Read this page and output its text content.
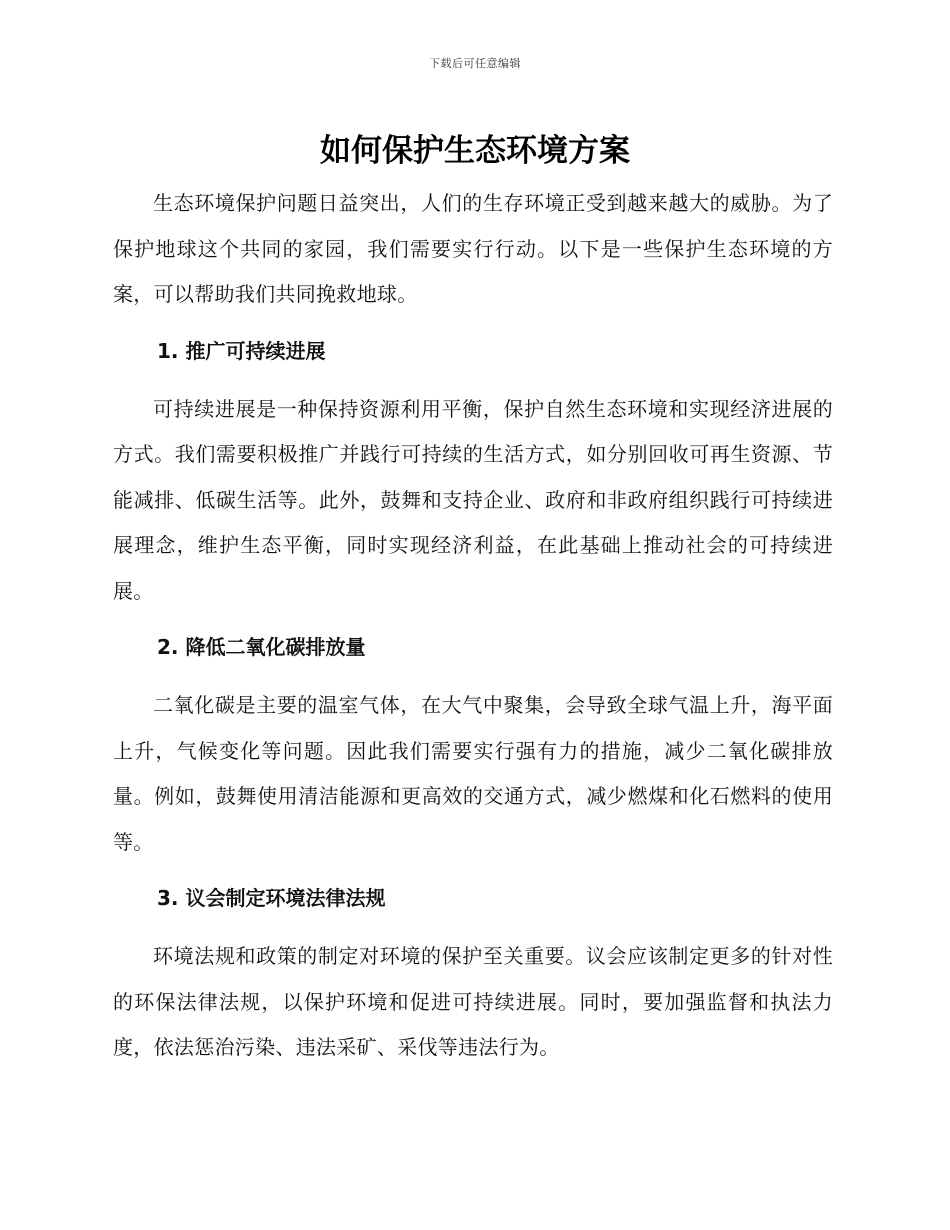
下载后可任意编辑
如何保护生态环境方案

生态环境保护问题日益突出，人们的生存环境正受到越来越大的威胁。为了保护地球这个共同的家园，我们需要实行行动。以下是一些保护生态环境的方案，可以帮助我们共同挽救地球。

1. 推广可持续进展

可持续进展是一种保持资源利用平衡，保护自然生态环境和实现经济进展的方式。我们需要积极推广并践行可持续的生活方式，如分别回收可再生资源、节能减排、低碳生活等。此外，鼓舞和支持企业、政府和非政府组织践行可持续进展理念，维护生态平衡，同时实现经济利益，在此基础上推动社会的可持续进展。

2. 降低二氧化碳排放量

二氧化碳是主要的温室气体，在大气中聚集，会导致全球气温上升，海平面上升，气候变化等问题。因此我们需要实行强有力的措施，减少二氧化碳排放量。例如，鼓舞使用清洁能源和更高效的交通方式，减少燃煤和化石燃料的使用等。

3. 议会制定环境法律法规

环境法规和政策的制定对环境的保护至关重要。议会应该制定更多的针对性的环保法律法规，以保护环境和促进可持续进展。同时，要加强监督和执法力度，依法惩治污染、违法采矿、采伐等违法行为。
